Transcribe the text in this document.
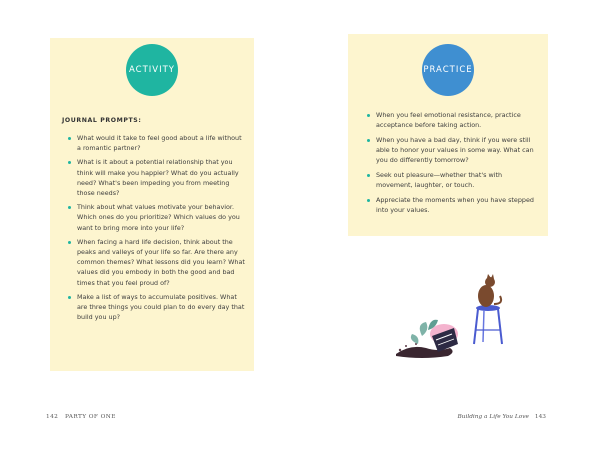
ACTIVITY	PRACTICE
JOURNAL PROMPTS:
What would it take to feel good about a life without a romantic partner?
What is it about a potential relationship that you think will make you happier? What do you actually need? What's been impeding you from meeting those needs?
Think about what values motivate your behavior. Which ones do you prioritize? Which values do you want to bring more into your life?
When facing a hard life decision, think about the peaks and valleys of your life so far. Are there any common themes? What lessons did you learn? What values did you embody in both the good and bad times that you feel proud of?
Make a list of ways to accumulate positives. What are three things you could plan to do every day that build you up?
When you feel emotional resistance, practice acceptance before taking action.
When you have a bad day, think if you were still able to honor your values in some way. What can you do differently tomorrow?
Seek out pleasure—whether that's with movement, laughter, or touch.
Appreciate the moments when you have stepped into your values.
142 PARTY OF ONE	Building a Life You Love 143
